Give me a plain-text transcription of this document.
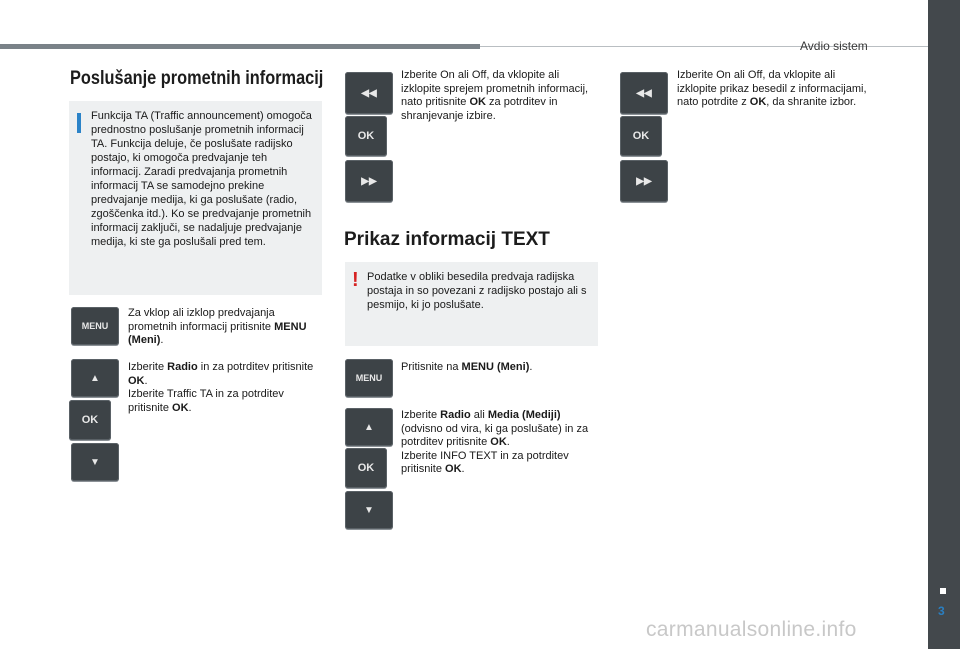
Avdio sistem
3
carmanualsonline.info
Poslušanje prometnih informacij
Funkcija TA (Traffic announcement) omogoča prednostno poslušanje prometnih informacij TA. Funkcija deluje, če poslušate radijsko postajo, ki omogoča predvajanje teh informacij. Zaradi predvajanja prometnih informacij TA se samodejno prekine predvajanje medija, ki ga poslušate (radio, zgoščenka itd.). Ko se predvajanje prometnih informacij zaključi, se nadaljuje predvajanje medija, ki ste ga poslušali pred tem.
MENU
Za vklop ali izklop predvajanja prometnih informacij pritisnite MENU (Meni).
▲
OK
▼
Izberite Radio in za potrditev pritisnite OK.
Izberite Traffic TA in za potrditev pritisnite OK.
◀◀
OK
▶▶
Izberite On ali Off, da vklopite ali izklopite sprejem prometnih informacij, nato pritisnite OK za potrditev in shranjevanje izbire.
Prikaz informacij TEXT
! Podatke v obliki besedila predvaja radijska postaja in so povezani z radijsko postajo ali s pesmijo, ki jo poslušate.
MENU
Pritisnite na MENU (Meni).
▲
OK
▼
Izberite Radio ali Media (Mediji) (odvisno od vira, ki ga poslušate) in za potrditev pritisnite OK.
Izberite INFO TEXT in za potrditev pritisnite OK.
◀◀
OK
▶▶
Izberite On ali Off, da vklopite ali izklopite prikaz besedil z informacijami, nato potrdite z OK, da shranite izbor.
